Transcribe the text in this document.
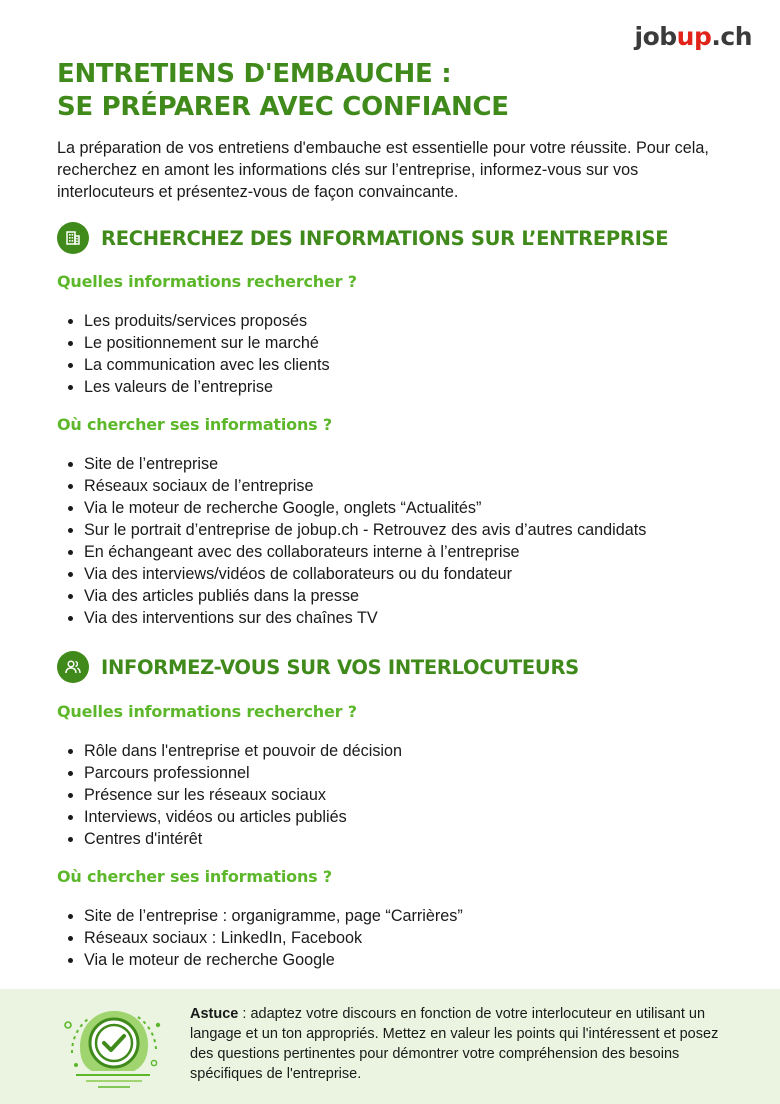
jobup.ch
ENTRETIENS D'EMBAUCHE :
SE PRÉPARER AVEC CONFIANCE

La préparation de vos entretiens d'embauche est essentielle pour votre réussite. Pour cela, recherchez en amont les informations clés sur l’entreprise, informez-vous sur vos interlocuteurs et présentez-vous de façon convaincante.

RECHERCHEZ DES INFORMATIONS SUR L’ENTREPRISE
Quelles informations rechercher ?
Les produits/services proposés
Le positionnement sur le marché
La communication avec les clients
Les valeurs de l’entreprise
Où chercher ses informations ?
Site de l’entreprise
Réseaux sociaux de l’entreprise
Via le moteur de recherche Google, onglets “Actualités”
Sur le portrait d’entreprise de jobup.ch - Retrouvez des avis d’autres candidats
En échangeant avec des collaborateurs interne à l’entreprise
Via des interviews/vidéos de collaborateurs ou du fondateur
Via des articles publiés dans la presse
Via des interventions sur des chaînes TV
INFORMEZ-VOUS SUR VOS INTERLOCUTEURS
Quelles informations rechercher ?
Rôle dans l'entreprise et pouvoir de décision
Parcours professionnel
Présence sur les réseaux sociaux
Interviews, vidéos ou articles publiés
Centres d'intérêt
Où chercher ses informations ?
Site de l’entreprise : organigramme, page “Carrières”
Réseaux sociaux : LinkedIn, Facebook
Via le moteur de recherche Google

Astuce : adaptez votre discours en fonction de votre interlocuteur en utilisant un langage et un ton appropriés. Mettez en valeur les points qui l'intéressent et posez des questions pertinentes pour démontrer votre compréhension des besoins spécifiques de l'entreprise.
